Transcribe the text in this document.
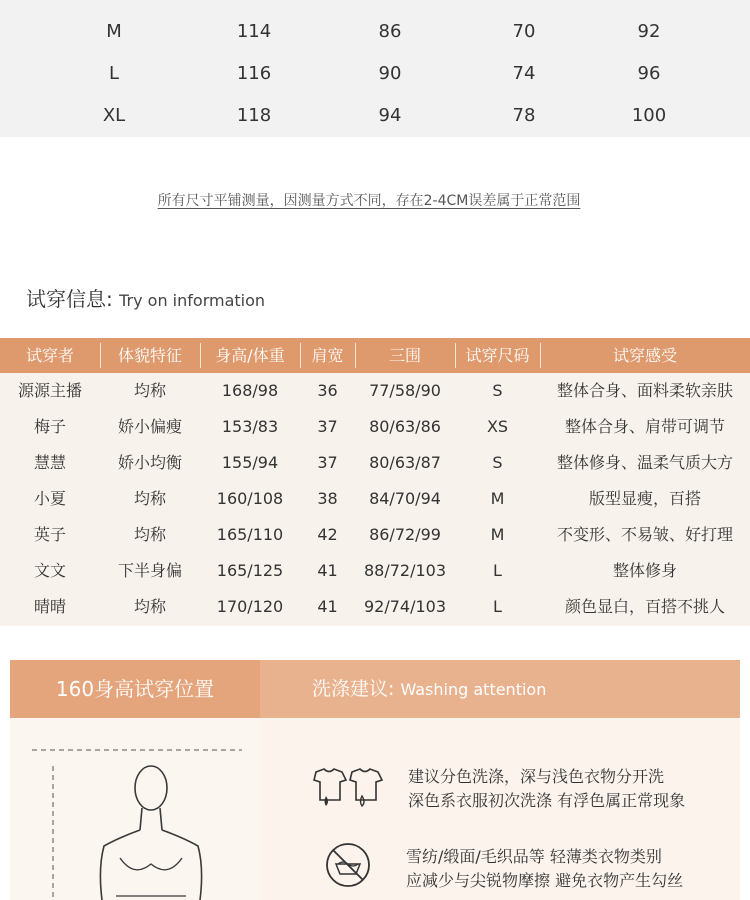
M	114	86	70	92
L	116	90	74	96
XL	118	94	78	100
所有尺寸平铺测量，因测量方式不同，存在2-4CM误差属于正常范围
试穿信息: Try on information
试穿者	体貌特征	身高/体重	肩宽	三围	试穿尺码	试穿感受
源源主播	均称	168/98	36	77/58/90	S	整体合身、面料柔软亲肤
梅子	娇小偏瘦	153/83	37	80/63/86	XS	整体合身、肩带可调节
慧慧	娇小均衡	155/94	37	80/63/87	S	整体修身、温柔气质大方
小夏	均称	160/108	38	84/70/94	M	版型显瘦，百搭
英子	均称	165/110	42	86/72/99	M	不变形、不易皱、好打理
文文	下半身偏	165/125	41	88/72/103	L	整体修身
晴晴	均称	170/120	41	92/74/103	L	颜色显白，百搭不挑人
160身高试穿位置	洗涤建议: Washing attention
建议分色洗涤，深与浅色衣物分开洗
深色系衣服初次洗涤 有浮色属正常现象
雪纺/缎面/毛织品等 轻薄类衣物类别
应减少与尖锐物摩擦 避免衣物产生勾丝
